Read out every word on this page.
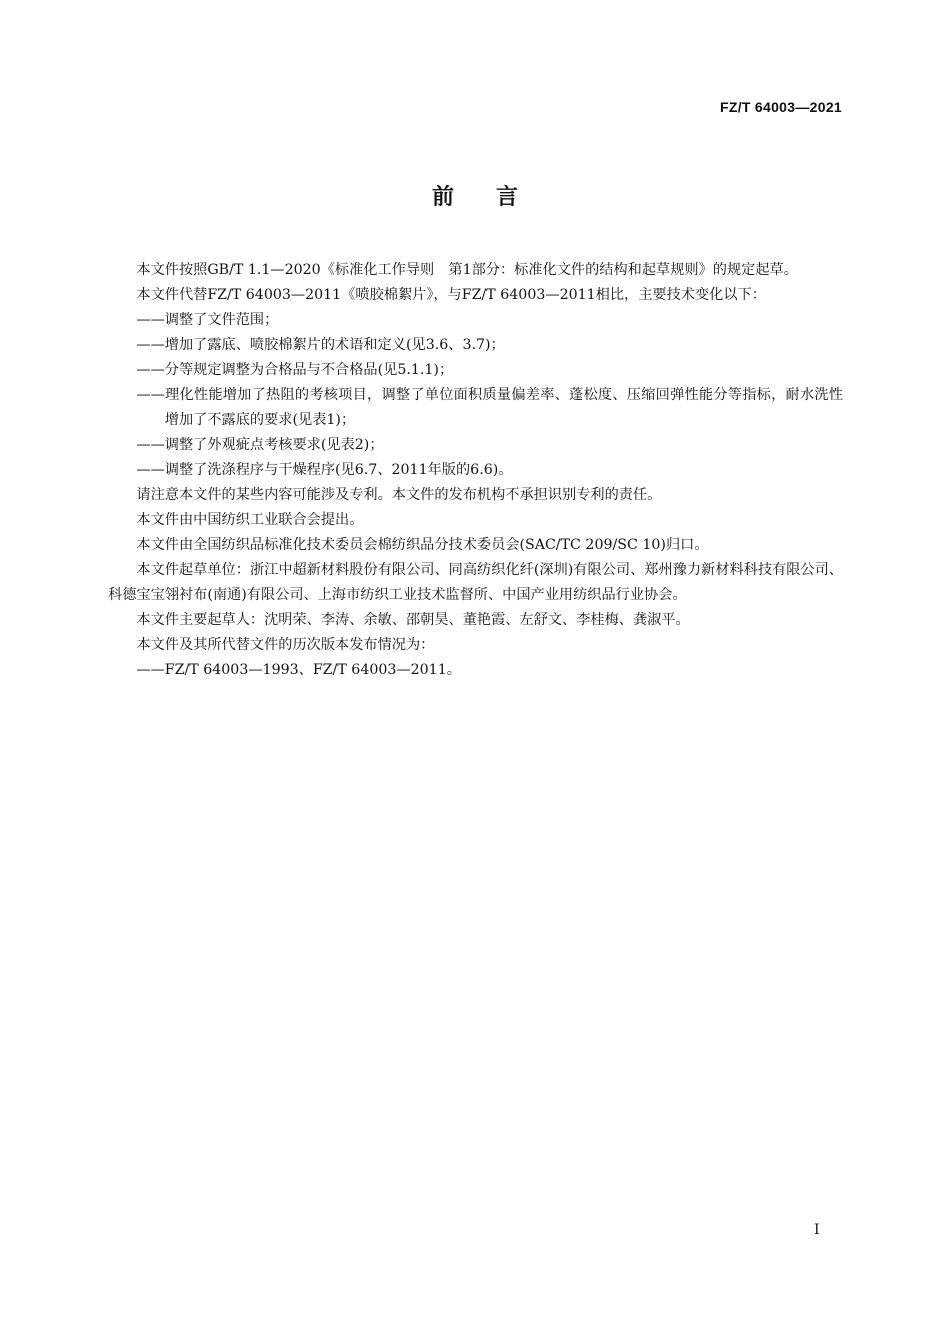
FZ/T 64003—2021
前言

本文件按照GB/T 1.1—2020《标准化工作导则　第1部分：标准化文件的结构和起草规则》的规定起草。

本文件代替FZ/T 64003—2011《喷胶棉絮片》，与FZ/T 64003—2011相比，主要技术变化以下：

——调整了文件范围；

——增加了露底、喷胶棉絮片的术语和定义(见3.6、3.7)；

——分等规定调整为合格品与不合格品(见5.1.1)；

——理化性能增加了热阻的考核项目，调整了单位面积质量偏差率、蓬松度、压缩回弹性能分等指标，耐水洗性增加了不露底的要求(见表1)；

——调整了外观疵点考核要求(见表2)；

——调整了洗涤程序与干燥程序(见6.7、2011年版的6.6)。

请注意本文件的某些内容可能涉及专利。本文件的发布机构不承担识别专利的责任。

本文件由中国纺织工业联合会提出。

本文件由全国纺织品标准化技术委员会棉纺织品分技术委员会(SAC/TC 209/SC 10)归口。

本文件起草单位：浙江中超新材料股份有限公司、同高纺织化纤(深圳)有限公司、郑州豫力新材料科技有限公司、科德宝宝翎衬布(南通)有限公司、上海市纺织工业技术监督所、中国产业用纺织品行业协会。

本文件主要起草人：沈明荣、李涛、余敏、邵朝昊、董艳霞、左舒文、李桂梅、龚淑平。

本文件及其所代替文件的历次版本发布情况为：

——FZ/T 64003—1993、FZ/T 64003—2011。

I
